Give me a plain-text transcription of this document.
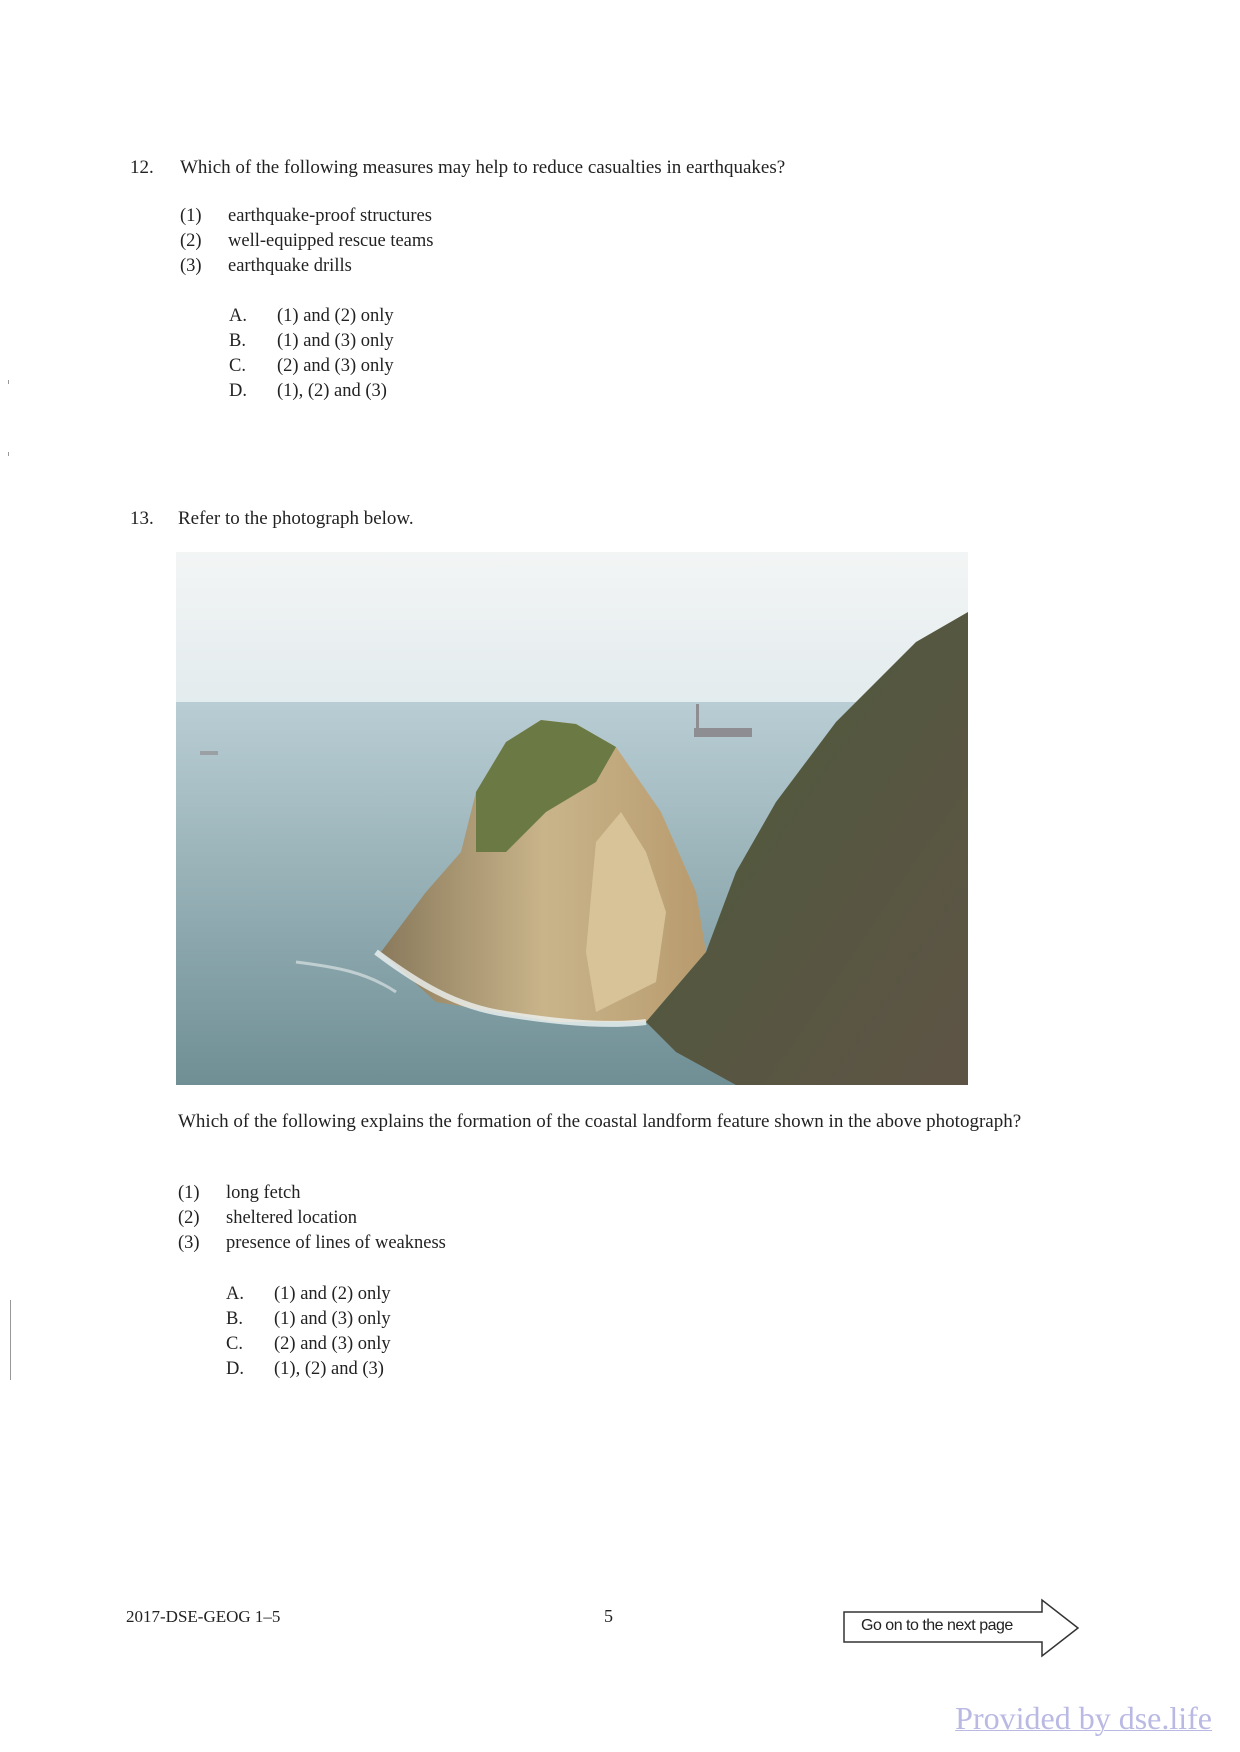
12. Which of the following measures may help to reduce casualties in earthquakes?
(1)	earthquake-proof structures
(2)	well-equipped rescue teams
(3)	earthquake drills
A.	(1) and (2) only
B.	(1) and (3) only
C.	(2) and (3) only
D.	(1), (2) and (3)
13. Refer to the photograph below.
Which of the following explains the formation of the coastal landform feature shown in the above photograph?
(1)	long fetch
(2)	sheltered location
(3)	presence of lines of weakness
A.	(1) and (2) only
B.	(1) and (3) only
C.	(2) and (3) only
D.	(1), (2) and (3)
2017-DSE-GEOG 1–5	5	Go on to the next page
Provided by dse.life
